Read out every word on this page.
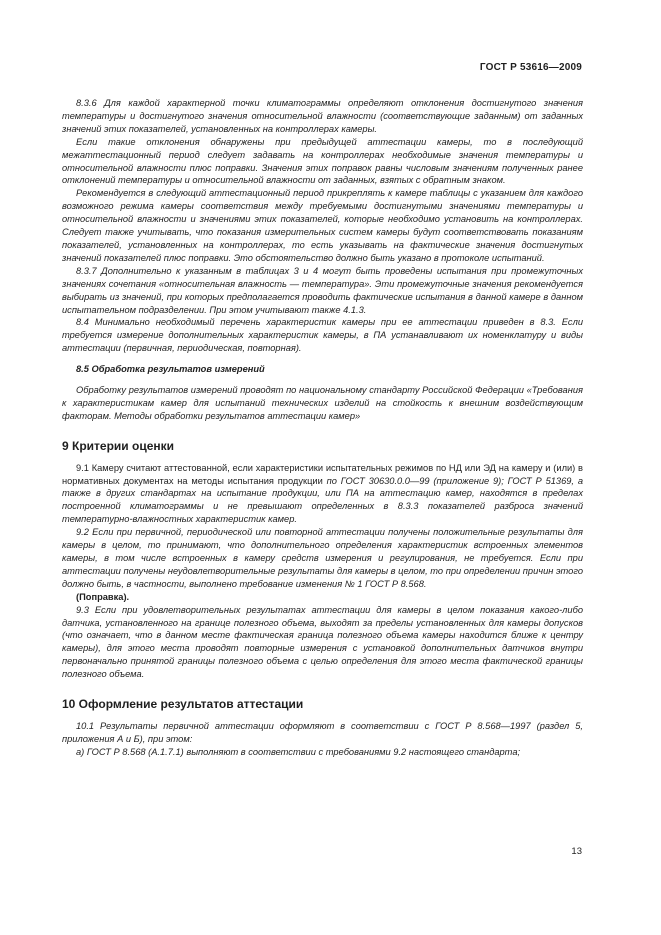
ГОСТ Р 53616—2009

8.3.6 Для каждой характерной точки климатограммы определяют отклонения достигнутого значения температуры и достигнутого значения относительной влажности (соответствующие заданным) от заданных значений этих показателей, установленных на контроллерах камеры.

Если такие отклонения обнаружены при предыдущей аттестации камеры, то в последующий межаттестационный период следует задавать на контроллерах необходимые значения температуры и относительной влажности плюс поправки. Значения этих поправок равны числовым значениям полученных ранее отклонений температуры и относительной влажности от заданных, взятых с обратным знаком.

Рекомендуется в следующий аттестационный период прикреплять к камере таблицы с указанием для каждого возможного режима камеры соответствия между требуемыми достигнутыми значениями температуры и относительной влажности и значениями этих показателей, которые необходимо установить на контроллерах. Следует также учитывать, что показания измерительных систем камеры будут соответствовать показаниям показателей, установленных на контроллерах, то есть указывать на фактические значения достигнутых значений показателей плюс поправки. Это обстоятельство должно быть указано в протоколе испытаний.

8.3.7 Дополнительно к указанным в таблицах 3 и 4 могут быть проведены испытания при промежуточных значениях сочетания «относительная влажность — температура». Эти промежуточные значения рекомендуется выбирать из значений, при которых предполагается проводить фактические испытания в данной камере в данном испытательном подразделении. При этом учитывают также 4.1.3.

8.4 Минимально необходимый перечень характеристик камеры при ее аттестации приведен в 8.3. Если требуется измерение дополнительных характеристик камеры, в ПА устанавливают их номенклатуру и виды аттестации (первичная, периодическая, повторная).

8.5 Обработка результатов измерений

Обработку результатов измерений проводят по национальному стандарту Российской Федерации «Требования к характеристикам камер для испытаний технических изделий на стойкость к внешним воздействующим факторам. Методы обработки результатов аттестации камер»

9 Критерии оценки

9.1 Камеру считают аттестованной, если характеристики испытательных режимов по НД или ЭД на камеру и (или) в нормативных документах на методы испытания продукции по ГОСТ 30630.0.0—99 (приложение 9); ГОСТ Р 51369, а также в других стандартах на испытание продукции, или ПА на аттестацию камер, находятся в пределах построенной климатограммы и не превышают определенных в 8.3.3 показателей разброса значений температурно-влажностных характеристик камер.

9.2 Если при первичной, периодической или повторной аттестации получены положительные результаты для камеры в целом, то принимают, что дополнительного определения характеристик встроенных элементов камеры, в том числе встроенных в камеру средств измерения и регулирования, не требуется. Если при аттестации получены неудовлетворительные результаты для камеры в целом, то при определении причин этого должно быть, в частности, выполнено требование изменения № 1 ГОСТ Р 8.568.

(Поправка).

9.3 Если при удовлетворительных результатах аттестации для камеры в целом показания какого-либо датчика, установленного на границе полезного объема, выходят за пределы установленных для камеры допусков (что означает, что в данном месте фактическая граница полезного объема камеры находится ближе к центру камеры), для этого места проводят повторные измерения с установкой дополнительных датчиков внутри первоначально принятой границы полезного объема с целью определения для этого места фактической границы полезного объема.

10 Оформление результатов аттестации

10.1 Результаты первичной аттестации оформляют в соответствии с ГОСТ Р 8.568—1997 (раздел 5, приложения А и Б), при этом:

а) ГОСТ Р 8.568 (А.1.7.1) выполняют в соответствии с требованиями 9.2 настоящего стандарта;

13
